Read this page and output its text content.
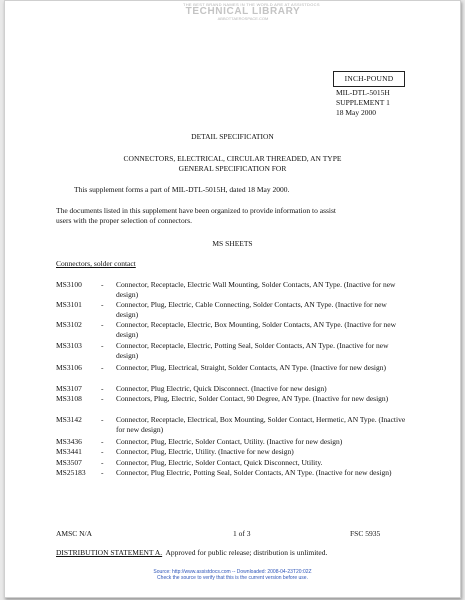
THE BEST BRAND NAMES IN THE WORLD ARE AT ASSISTDOCS
TECHNICAL LIBRARY
ABBOTTAEROSPACE.COM
INCH-POUND
MIL-DTL-5015H
SUPPLEMENT 1
18 May 2000
DETAIL SPECIFICATION
CONNECTORS, ELECTRICAL, CIRCULAR THREADED, AN TYPE
GENERAL SPECIFICATION FOR
This supplement forms a part of MIL-DTL-5015H, dated 18 May 2000.
The documents listed in this supplement have been organized to provide information to assist
users with the proper selection of connectors.
MS SHEETS
Connectors, solder contact
MS3100	- Connector, Receptacle, Electric Wall Mounting, Solder Contacts, AN Type. (Inactive for new design)
MS3101	- Connector, Plug, Electric, Cable Connecting, Solder Contacts, AN Type. (Inactive for new design)
MS3102	- Connector, Receptacle, Electric, Box Mounting, Solder Contacts, AN Type. (Inactive for new design)
MS3103	- Connector, Receptacle, Electric, Potting Seal, Solder Contacts, AN Type. (Inactive for new design)
MS3106	- Connector, Plug, Electrical, Straight, Solder Contacts, AN Type. (Inactive for new design)
MS3107	- Connector, Plug Electric, Quick Disconnect. (Inactive for new design)
MS3108	- Connectors, Plug, Electric, Solder Contact, 90 Degree, AN Type. (Inactive for new design)
MS3142	- Connector, Receptacle, Electrical, Box Mounting, Solder Contact, Hermetic, AN Type. (Inactive for new design)
MS3436	- Connector, Plug, Electric, Solder Contact, Utility. (Inactive for new design)
MS3441	- Connector, Plug, Electric, Utility. (Inactive for new design)
MS3507	- Connector, Plug, Electric, Solder Contact, Quick Disconnect, Utility.
MS25183 - Connector, Plug Electric, Potting Seal, Solder Contacts, AN Type. (Inactive for new design)
AMSC N/A	1 of 3	FSC 5935
DISTRIBUTION STATEMENT A.  Approved for public release; distribution is unlimited.
Source: http://www.assistdocs.com -- Downloaded: 2008-04-23T20:02Z
Check the source to verify that this is the current version before use.
